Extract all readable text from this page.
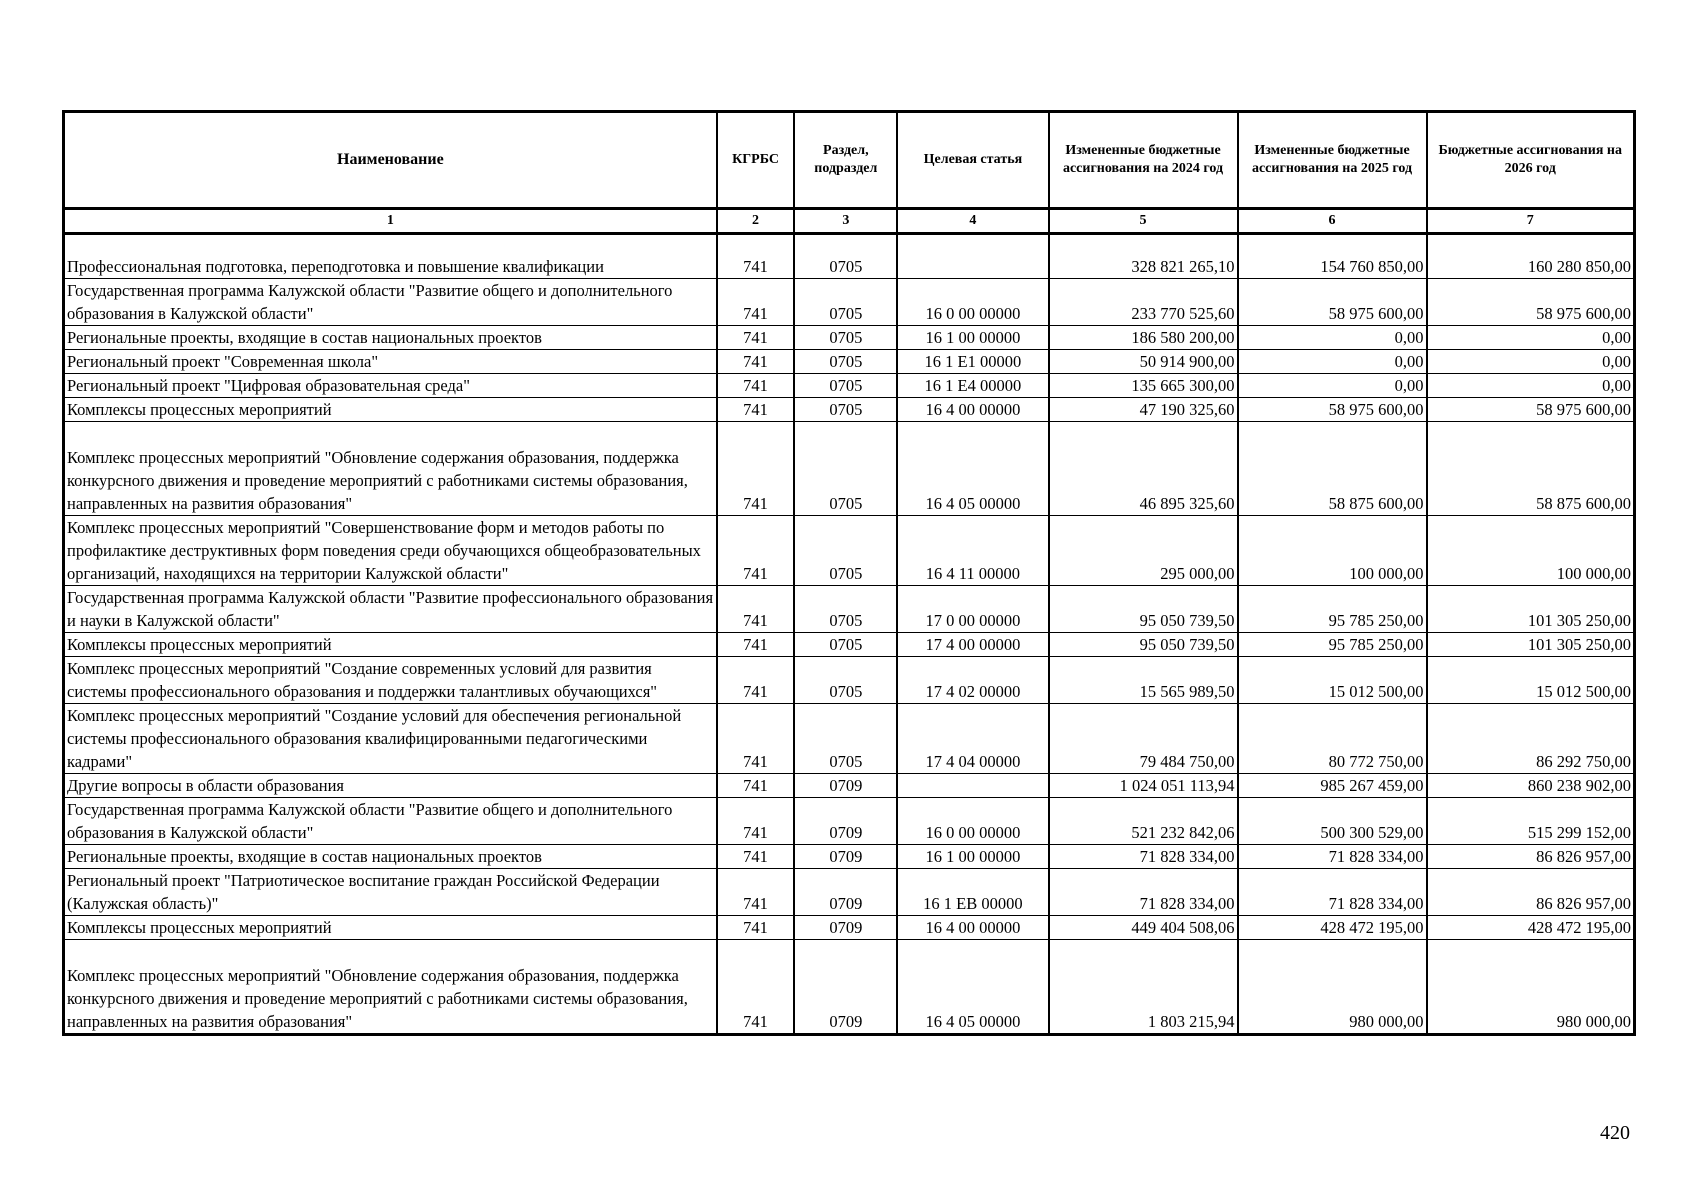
Наименование	КГРБС	Раздел, подраздел	Целевая статья	Измененные бюджетные ассигнования на 2024 год	Измененные бюджетные ассигнования на 2025 год	Бюджетные ассигнования на 2026 год
1	2	3	4	5	6	7
Профессиональная подготовка, переподготовка и повышение квалификации	741	0705		328 821 265,10	154 760 850,00	160 280 850,00
Государственная программа Калужской области "Развитие общего и дополнительного образования в Калужской области"	741	0705	16 0 00 00000	233 770 525,60	58 975 600,00	58 975 600,00
Региональные проекты, входящие в состав национальных проектов	741	0705	16 1 00 00000	186 580 200,00	0,00	0,00
Региональный проект "Современная школа"	741	0705	16 1 E1 00000	50 914 900,00	0,00	0,00
Региональный проект "Цифровая образовательная среда"	741	0705	16 1 E4 00000	135 665 300,00	0,00	0,00
Комплексы процессных мероприятий	741	0705	16 4 00 00000	47 190 325,60	58 975 600,00	58 975 600,00
Комплекс процессных мероприятий "Обновление содержания образования, поддержка конкурсного движения и проведение мероприятий с работниками системы образования, направленных на развития образования"	741	0705	16 4 05 00000	46 895 325,60	58 875 600,00	58 875 600,00
Комплекс процессных мероприятий "Совершенствование форм и методов работы по профилактике деструктивных форм поведения среди обучающихся общеобразовательных организаций, находящихся на территории Калужской области"	741	0705	16 4 11 00000	295 000,00	100 000,00	100 000,00
Государственная программа Калужской области "Развитие профессионального образования и науки в Калужской области"	741	0705	17 0 00 00000	95 050 739,50	95 785 250,00	101 305 250,00
Комплексы процессных мероприятий	741	0705	17 4 00 00000	95 050 739,50	95 785 250,00	101 305 250,00
Комплекс процессных мероприятий "Создание современных условий для развития системы профессионального образования и поддержки талантливых обучающихся"	741	0705	17 4 02 00000	15 565 989,50	15 012 500,00	15 012 500,00
Комплекс процессных мероприятий "Создание условий для обеспечения региональной системы профессионального образования квалифицированными педагогическими кадрами"	741	0705	17 4 04 00000	79 484 750,00	80 772 750,00	86 292 750,00
Другие вопросы в области образования	741	0709		1 024 051 113,94	985 267 459,00	860 238 902,00
Государственная программа Калужской области "Развитие общего и дополнительного образования в Калужской области"	741	0709	16 0 00 00000	521 232 842,06	500 300 529,00	515 299 152,00
Региональные проекты, входящие в состав национальных проектов	741	0709	16 1 00 00000	71 828 334,00	71 828 334,00	86 826 957,00
Региональный проект "Патриотическое воспитание граждан Российской Федерации (Калужская область)"	741	0709	16 1 EB 00000	71 828 334,00	71 828 334,00	86 826 957,00
Комплексы процессных мероприятий	741	0709	16 4 00 00000	449 404 508,06	428 472 195,00	428 472 195,00
Комплекс процессных мероприятий "Обновление содержания образования, поддержка конкурсного движения и проведение мероприятий с работниками системы образования, направленных на развития образования"	741	0709	16 4 05 00000	1 803 215,94	980 000,00	980 000,00
420
